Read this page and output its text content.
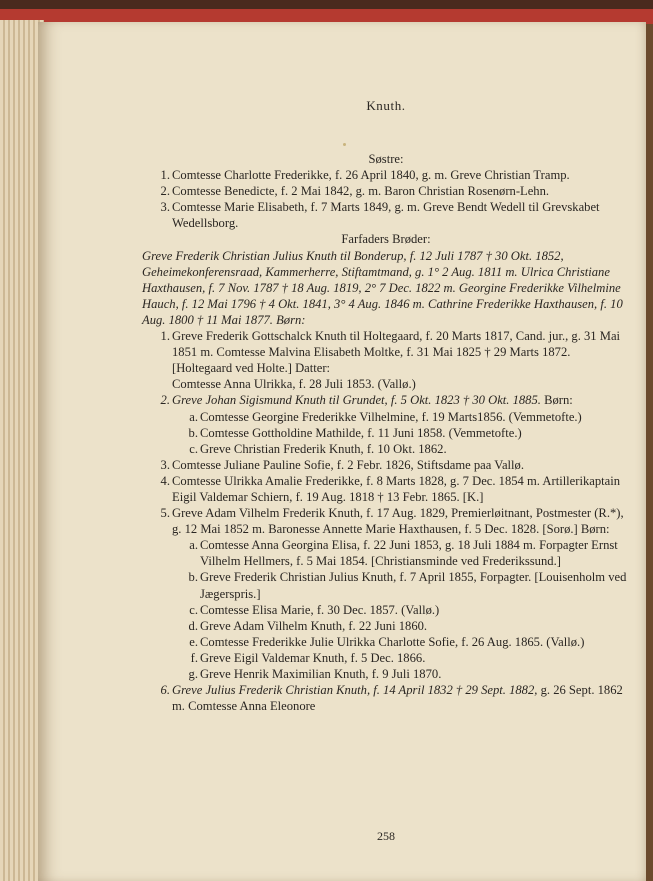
Knuth.
Søstre:
1. Comtesse Charlotte Frederikke, f. 26 April 1840, g. m. Greve Christian Tramp.
2. Comtesse Benedicte, f. 2 Mai 1842, g. m. Baron Christian Rosenørn-Lehn.
3. Comtesse Marie Elisabeth, f. 7 Marts 1849, g. m. Greve Bendt Wedell til Grevskabet Wedellsborg.
Farfaders Brøder:
Greve Frederik Christian Julius Knuth til Bonderup, f. 12 Juli 1787 † 30 Okt. 1852, Geheimekonferensraad, Kammerherre, Stiftamtmand, g. 1° 2 Aug. 1811 m. Ulrica Christiane Haxthausen, f. 7 Nov. 1787 † 18 Aug. 1819, 2° 7 Dec. 1822 m. Georgine Frederikke Vilhelmine Hauch, f. 12 Mai 1796 † 4 Okt. 1841, 3° 4 Aug. 1846 m. Cathrine Frederikke Haxthausen, f. 10 Aug. 1800 † 11 Mai 1877. Børn:
1. Greve Frederik Gottschalck Knuth til Holtegaard, f. 20 Marts 1817, Cand. jur., g. 31 Mai 1851 m. Comtesse Malvina Elisabeth Moltke, f. 31 Mai 1825 † 29 Marts 1872. [Holtegaard ved Holte.] Datter:
Comtesse Anna Ulrikka, f. 28 Juli 1853. (Vallø.)
2. Greve Johan Sigismund Knuth til Grundet, f. 5 Okt. 1823 † 30 Okt. 1885. Børn:
a. Comtesse Georgine Frederikke Vilhelmine, f. 19 Marts1856. (Vemmetofte.)
b. Comtesse Gottholdine Mathilde, f. 11 Juni 1858. (Vemmetofte.)
c. Greve Christian Frederik Knuth, f. 10 Okt. 1862.
3. Comtesse Juliane Pauline Sofie, f. 2 Febr. 1826, Stiftsdame paa Vallø.
4. Comtesse Ulrikka Amalie Frederikke, f. 8 Marts 1828, g. 7 Dec. 1854 m. Artillerikaptain Eigil Valdemar Schiern, f. 19 Aug. 1818 † 13 Febr. 1865. [K.]
5. Greve Adam Vilhelm Frederik Knuth, f. 17 Aug. 1829, Premierløitnant, Postmester (R.*), g. 12 Mai 1852 m. Baronesse Annette Marie Haxthausen, f. 5 Dec. 1828. [Sorø.] Børn:
a. Comtesse Anna Georgina Elisa, f. 22 Juni 1853, g. 18 Juli 1884 m. Forpagter Ernst Vilhelm Hellmers, f. 5 Mai 1854. [Christiansminde ved Frederikssund.]
b. Greve Frederik Christian Julius Knuth, f. 7 April 1855, Forpagter. [Louisenholm ved Jægerspris.]
c. Comtesse Elisa Marie, f. 30 Dec. 1857. (Vallø.)
d. Greve Adam Vilhelm Knuth, f. 22 Juni 1860.
e. Comtesse Frederikke Julie Ulrikka Charlotte Sofie, f. 26 Aug. 1865. (Vallø.)
f. Greve Eigil Valdemar Knuth, f. 5 Dec. 1866.
g. Greve Henrik Maximilian Knuth, f. 9 Juli 1870.
6. Greve Julius Frederik Christian Knuth, f. 14 April 1832 † 29 Sept. 1882, g. 26 Sept. 1862 m. Comtesse Anna Eleonore
258
